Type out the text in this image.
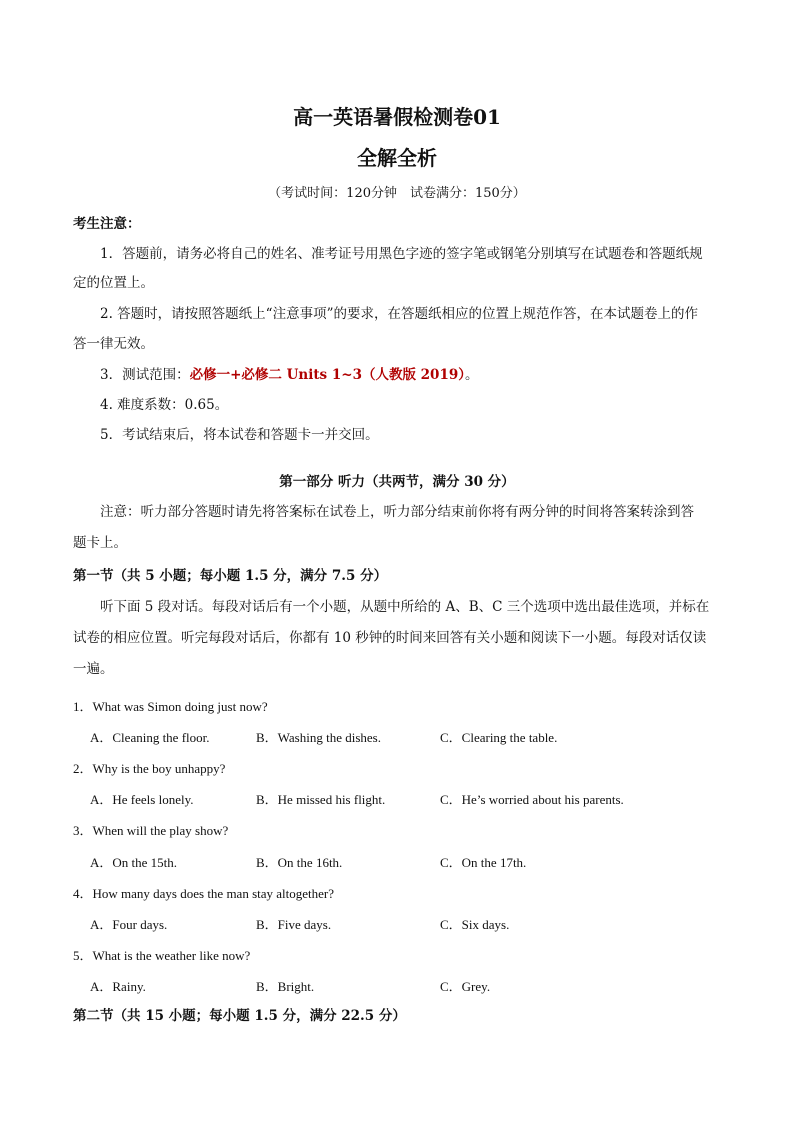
高一英语暑假检测卷01
全解全析
（考试时间：120分钟　试卷满分：150分）
考生注意：
1．答题前，请务必将自己的姓名、准考证号用黑色字迹的签字笔或钢笔分别填写在试题卷和答题纸规
定的位置上。
2. 答题时，请按照答题纸上“注意事项”的要求，在答题纸相应的位置上规范作答，在本试题卷上的作
答一律无效。
3．测试范围：必修一+必修二 Units 1~3（人教版 2019）。
4. 难度系数：0.65。
5．考试结束后，将本试卷和答题卡一并交回。
第一部分 听力（共两节，满分 30 分）
注意：听力部分答题时请先将答案标在试卷上，听力部分结束前你将有两分钟的时间将答案转涂到答
题卡上。
第一节（共 5 小题；每小题 1.5 分，满分 7.5 分）
听下面 5 段对话。每段对话后有一个小题，从题中所给的 A、B、C 三个选项中选出最佳选项，并标在
试卷的相应位置。听完每段对话后，你都有 10 秒钟的时间来回答有关小题和阅读下一小题。每段对话仅读
一遍。
1．What was Simon doing just now?
A．Cleaning the floor.	B．Washing the dishes.	C．Clearing the table.
2．Why is the boy unhappy?
A．He feels lonely.	B．He missed his flight.	C．He’s worried about his parents.
3．When will the play show?
A．On the 15th.	B．On the 16th.	C．On the 17th.
4．How many days does the man stay altogether?
A．Four days.	B．Five days.	C．Six days.
5．What is the weather like now?
A．Rainy.	B．Bright.	C．Grey.
第二节（共 15 小题；每小题 1.5 分，满分 22.5 分）
